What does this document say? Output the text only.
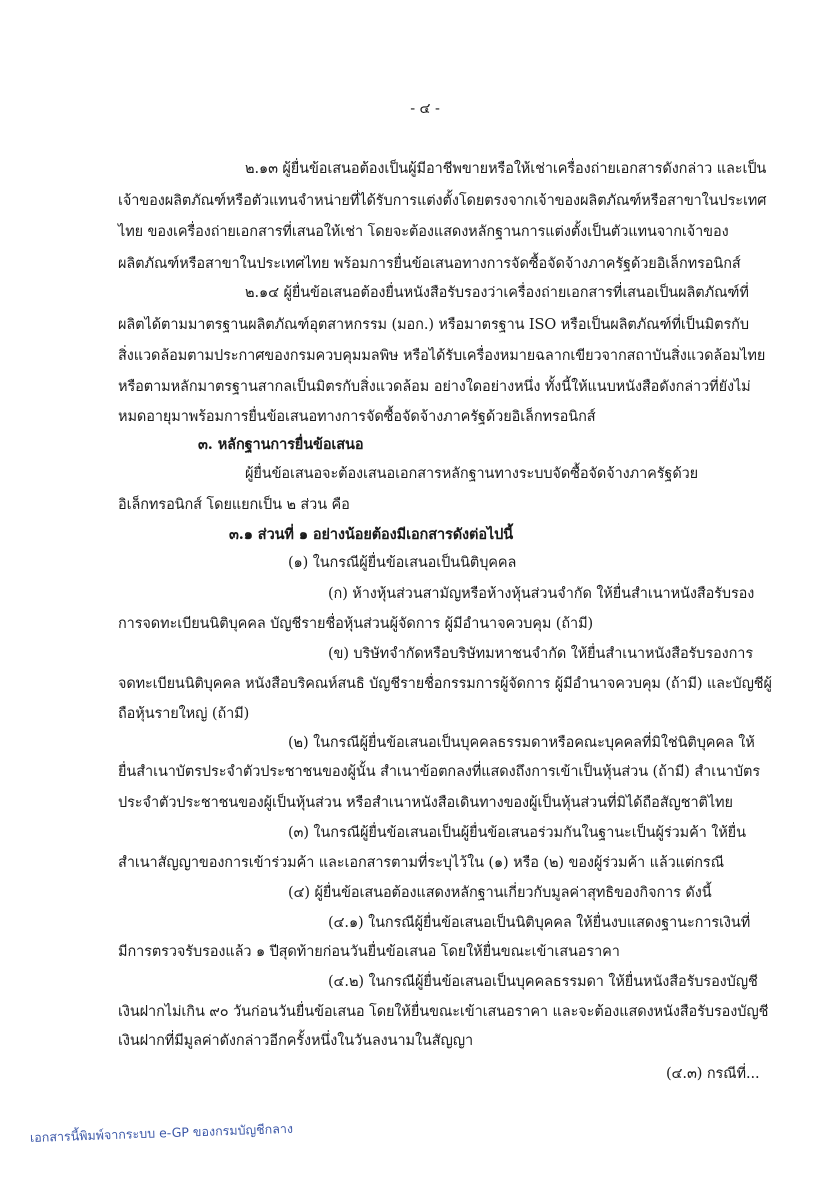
- ๔ -
๒.๑๓ ผู้ยื่นข้อเสนอต้องเป็นผู้มีอาชีพขายหรือให้เช่าเครื่องถ่ายเอกสารดังกล่าว และเป็น
เจ้าของผลิตภัณฑ์หรือตัวแทนจำหน่ายที่ได้รับการแต่งตั้งโดยตรงจากเจ้าของผลิตภัณฑ์หรือสาขาในประเทศ
ไทย ของเครื่องถ่ายเอกสารที่เสนอให้เช่า โดยจะต้องแสดงหลักฐานการแต่งตั้งเป็นตัวแทนจากเจ้าของ
ผลิตภัณฑ์หรือสาขาในประเทศไทย พร้อมการยื่นข้อเสนอทางการจัดซื้อจัดจ้างภาครัฐด้วยอิเล็กทรอนิกส์
๒.๑๔ ผู้ยื่นข้อเสนอต้องยื่นหนังสือรับรองว่าเครื่องถ่ายเอกสารที่เสนอเป็นผลิตภัณฑ์ที่
ผลิตได้ตามมาตรฐานผลิตภัณฑ์อุตสาหกรรม (มอก.) หรือมาตรฐาน ISO หรือเป็นผลิตภัณฑ์ที่เป็นมิตรกับ
สิ่งแวดล้อมตามประกาศของกรมควบคุมมลพิษ หรือได้รับเครื่องหมายฉลากเขียวจากสถาบันสิ่งแวดล้อมไทย
หรือตามหลักมาตรฐานสากลเป็นมิตรกับสิ่งแวดล้อม อย่างใดอย่างหนึ่ง ทั้งนี้ให้แนบหนังสือดังกล่าวที่ยังไม่
หมดอายุมาพร้อมการยื่นข้อเสนอทางการจัดซื้อจัดจ้างภาครัฐด้วยอิเล็กทรอนิกส์
๓. หลักฐานการยื่นข้อเสนอ
ผู้ยื่นข้อเสนอจะต้องเสนอเอกสารหลักฐานทางระบบจัดซื้อจัดจ้างภาครัฐด้วย
อิเล็กทรอนิกส์ โดยแยกเป็น ๒ ส่วน คือ
๓.๑ ส่วนที่ ๑ อย่างน้อยต้องมีเอกสารดังต่อไปนี้
(๑) ในกรณีผู้ยื่นข้อเสนอเป็นนิติบุคคล
(ก) ห้างหุ้นส่วนสามัญหรือห้างหุ้นส่วนจำกัด ให้ยื่นสำเนาหนังสือรับรอง
การจดทะเบียนนิติบุคคล บัญชีรายชื่อหุ้นส่วนผู้จัดการ ผู้มีอำนาจควบคุม (ถ้ามี)
(ข) บริษัทจำกัดหรือบริษัทมหาชนจำกัด ให้ยื่นสำเนาหนังสือรับรองการ
จดทะเบียนนิติบุคคล หนังสือบริคณห์สนธิ บัญชีรายชื่อกรรมการผู้จัดการ ผู้มีอำนาจควบคุม (ถ้ามี) และบัญชีผู้
ถือหุ้นรายใหญ่ (ถ้ามี)
(๒) ในกรณีผู้ยื่นข้อเสนอเป็นบุคคลธรรมดาหรือคณะบุคคลที่มิใช่นิติบุคคล ให้
ยื่นสำเนาบัตรประจำตัวประชาชนของผู้นั้น สำเนาข้อตกลงที่แสดงถึงการเข้าเป็นหุ้นส่วน (ถ้ามี) สำเนาบัตร
ประจำตัวประชาชนของผู้เป็นหุ้นส่วน หรือสำเนาหนังสือเดินทางของผู้เป็นหุ้นส่วนที่มิได้ถือสัญชาติไทย
(๓) ในกรณีผู้ยื่นข้อเสนอเป็นผู้ยื่นข้อเสนอร่วมกันในฐานะเป็นผู้ร่วมค้า ให้ยื่น
สำเนาสัญญาของการเข้าร่วมค้า และเอกสารตามที่ระบุไว้ใน (๑) หรือ (๒) ของผู้ร่วมค้า แล้วแต่กรณี
(๔) ผู้ยื่นข้อเสนอต้องแสดงหลักฐานเกี่ยวกับมูลค่าสุทธิของกิจการ ดังนี้
(๔.๑) ในกรณีผู้ยื่นข้อเสนอเป็นนิติบุคคล ให้ยื่นงบแสดงฐานะการเงินที่
มีการตรวจรับรองแล้ว ๑ ปีสุดท้ายก่อนวันยื่นข้อเสนอ โดยให้ยื่นขณะเข้าเสนอราคา
(๔.๒) ในกรณีผู้ยื่นข้อเสนอเป็นบุคคลธรรมดา ให้ยื่นหนังสือรับรองบัญชี
เงินฝากไม่เกิน ๙๐ วันก่อนวันยื่นข้อเสนอ โดยให้ยื่นขณะเข้าเสนอราคา และจะต้องแสดงหนังสือรับรองบัญชี
เงินฝากที่มีมูลค่าดังกล่าวอีกครั้งหนึ่งในวันลงนามในสัญญา
(๔.๓) กรณีที่...
เอกสารนี้พิมพ์จากระบบ e-GP ของกรมบัญชีกลาง
